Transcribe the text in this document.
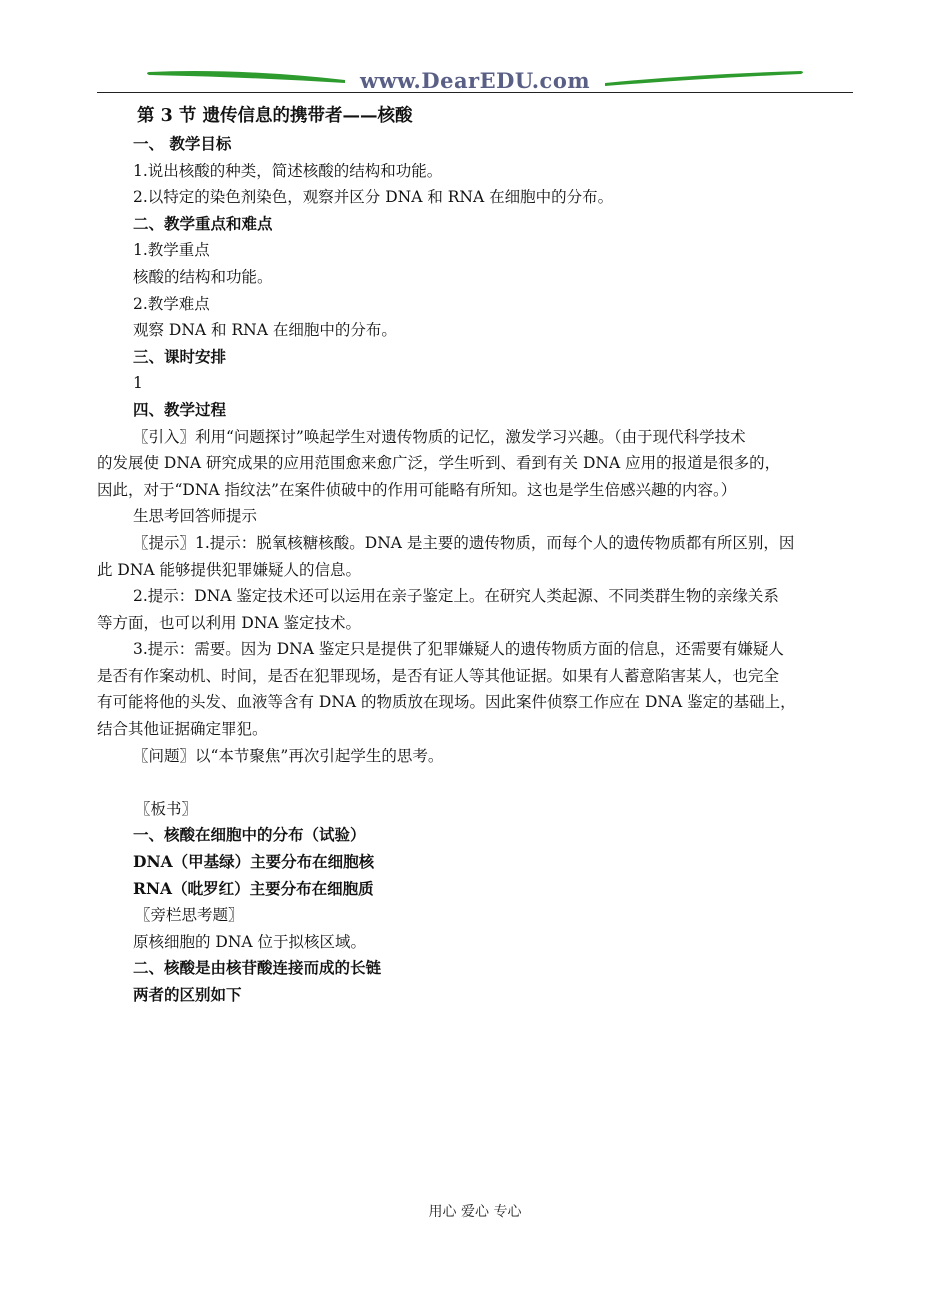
www.DearEDU.com
第 3 节 遗传信息的携带者——核酸
一、 教学目标
1.说出核酸的种类，简述核酸的结构和功能。
2.以特定的染色剂染色，观察并区分 DNA 和 RNA 在细胞中的分布。
二、教学重点和难点
1.教学重点
核酸的结构和功能。
2.教学难点
观察 DNA 和 RNA 在细胞中的分布。
三、课时安排
1
四、教学过程
〖引入〗利用“问题探讨”唤起学生对遗传物质的记忆，激发学习兴趣。（由于现代科学技术
的发展使 DNA 研究成果的应用范围愈来愈广泛，学生听到、看到有关 DNA 应用的报道是很多的，
因此，对于“DNA 指纹法”在案件侦破中的作用可能略有所知。这也是学生倍感兴趣的内容。）
生思考回答师提示
〖提示〗1.提示：脱氧核糖核酸。DNA 是主要的遗传物质，而每个人的遗传物质都有所区别，因
此 DNA 能够提供犯罪嫌疑人的信息。
2.提示：DNA 鉴定技术还可以运用在亲子鉴定上。在研究人类起源、不同类群生物的亲缘关系
等方面，也可以利用 DNA 鉴定技术。
3.提示：需要。因为 DNA 鉴定只是提供了犯罪嫌疑人的遗传物质方面的信息，还需要有嫌疑人
是否有作案动机、时间，是否在犯罪现场，是否有证人等其他证据。如果有人蓄意陷害某人，也完全
有可能将他的头发、血液等含有 DNA 的物质放在现场。因此案件侦察工作应在 DNA 鉴定的基础上，
结合其他证据确定罪犯。
〖问题〗以“本节聚焦”再次引起学生的思考。
〖板书〗
一、核酸在细胞中的分布（试验）
DNA（甲基绿）主要分布在细胞核
RNA（吡罗红）主要分布在细胞质
〖旁栏思考题〗
原核细胞的 DNA 位于拟核区域。
二、核酸是由核苷酸连接而成的长链
两者的区别如下
用心 爱心 专心
